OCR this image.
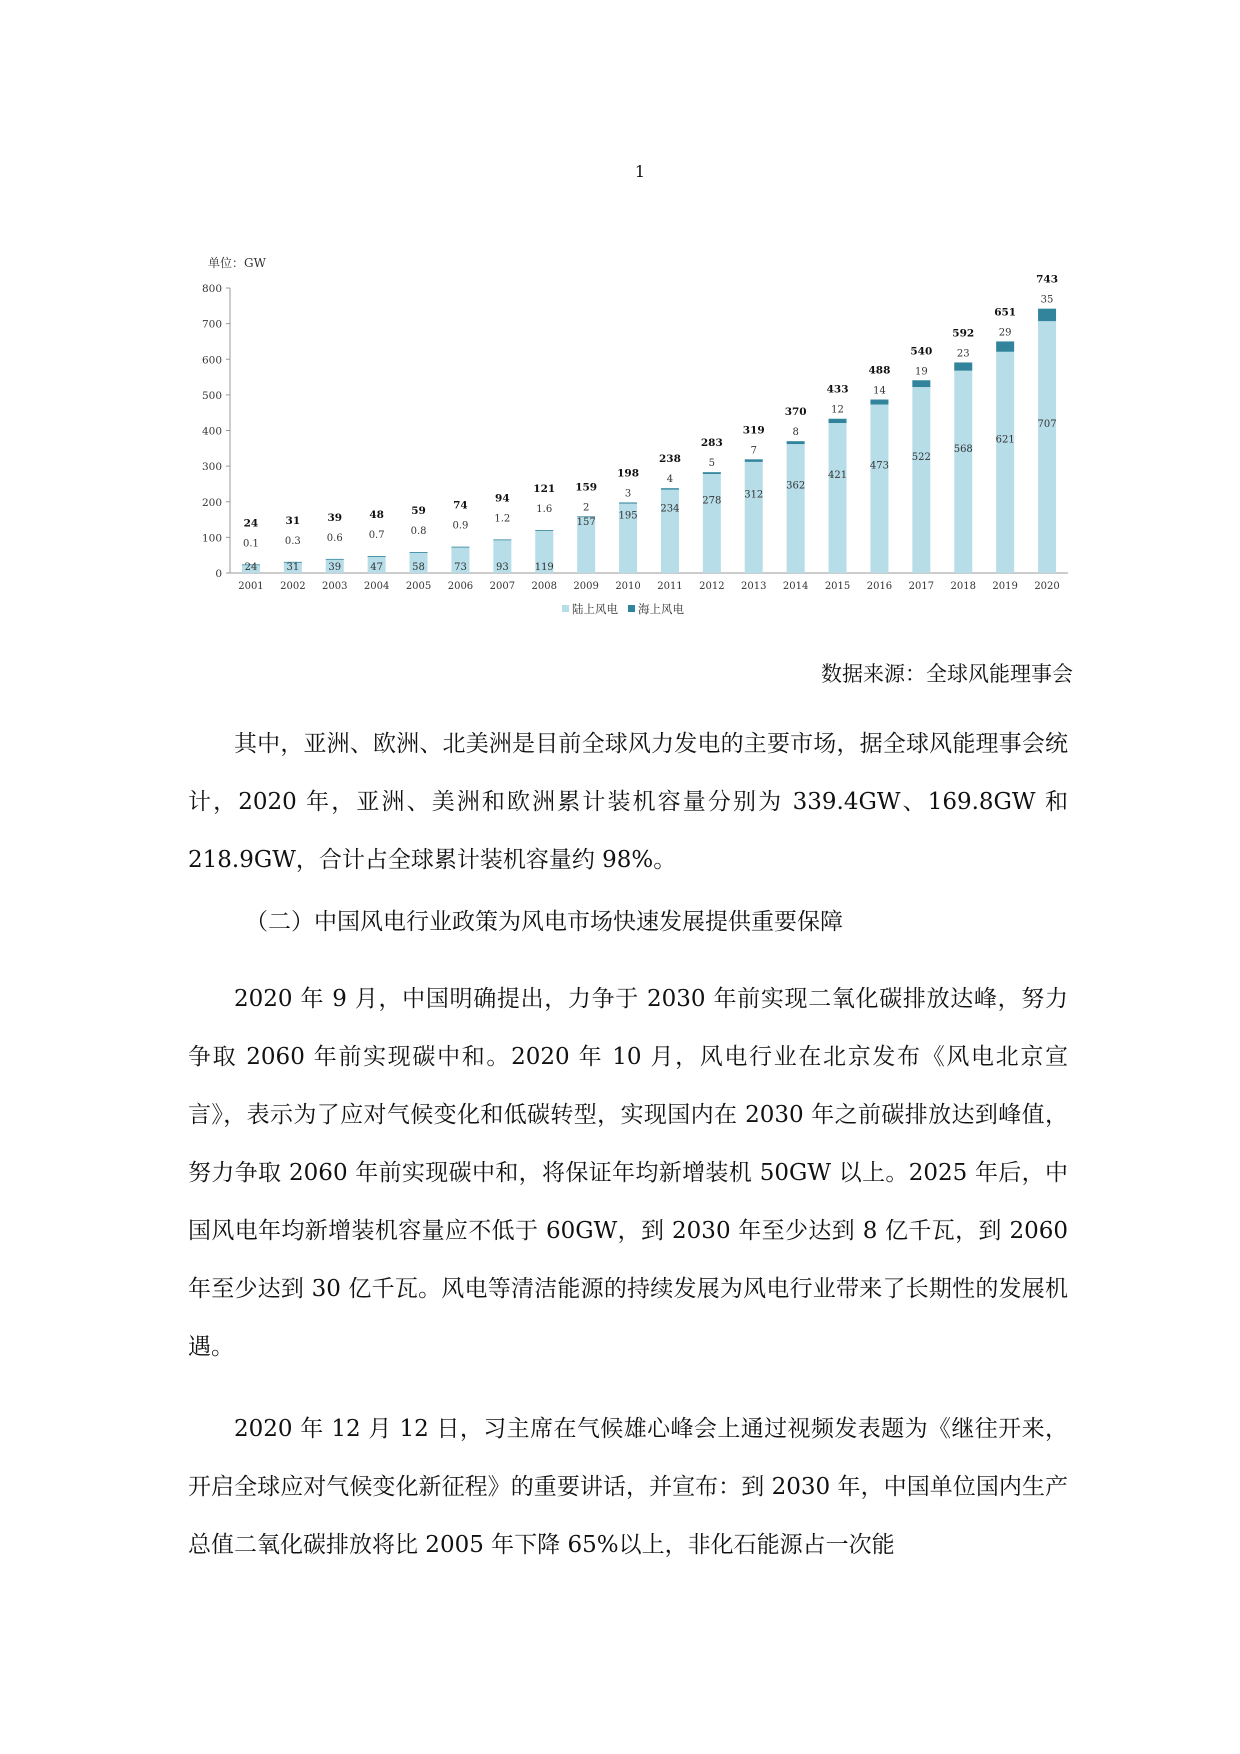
1
单位：GW
0
100
200
300
400
500
600
700
800
24
0.1
24
2001
31
0.3
31
2002
39
0.6
39
2003
47
0.7
48
2004
58
0.8
59
2005
73
0.9
74
2006
93
1.2
94
2007
119
1.6
121
2008
157
2
159
2009
195
3
198
2010
234
4
238
2011
278
5
283
2012
312
7
319
2013
362
8
370
2014
421
12
433
2015
473
14
488
2016
522
19
540
2017
568
23
592
2018
621
29
651
2019
707
35
743
2020
陆上风电 海上风电
数据来源：全球风能理事会
其中，亚洲、欧洲、北美洲是目前全球风力发电的主要市场，据全球风能理事会统计，2020 年，亚洲、美洲和欧洲累计装机容量分别为 339.4GW、169.8GW 和 218.9GW，合计占全球累计装机容量约 98%。
（二）中国风电行业政策为风电市场快速发展提供重要保障
2020 年 9 月，中国明确提出，力争于 2030 年前实现二氧化碳排放达峰，努力争取 2060 年前实现碳中和。2020 年 10 月，风电行业在北京发布《风电北京宣言》，表示为了应对气候变化和低碳转型，实现国内在 2030 年之前碳排放达到峰值，努力争取 2060 年前实现碳中和，将保证年均新增装机 50GW 以上。2025 年后，中国风电年均新增装机容量应不低于 60GW，到 2030 年至少达到 8 亿千瓦，到 2060 年至少达到 30 亿千瓦。风电等清洁能源的持续发展为风电行业带来了长期性的发展机遇。
2020 年 12 月 12 日，习主席在气候雄心峰会上通过视频发表题为《继往开来，开启全球应对气候变化新征程》的重要讲话，并宣布：到 2030 年，中国单位国内生产总值二氧化碳排放将比 2005 年下降 65%以上，非化石能源占一次能
